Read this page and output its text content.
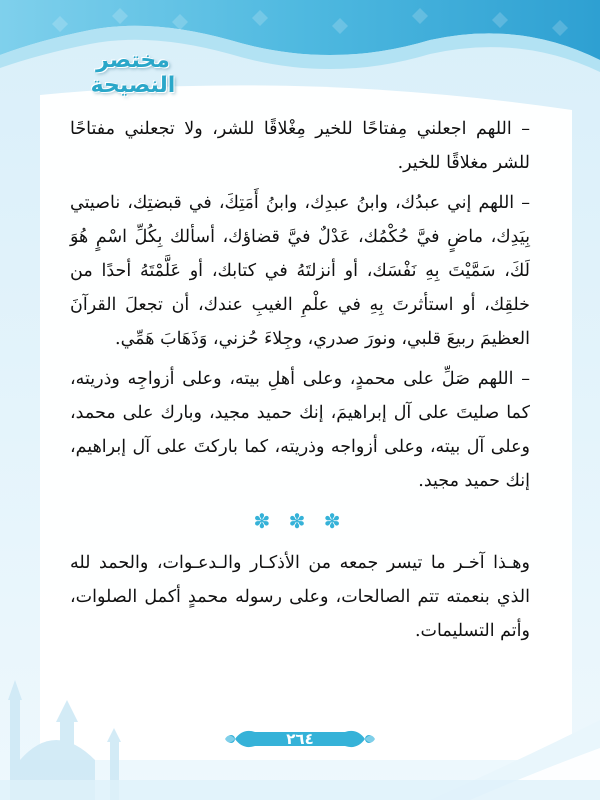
مختصر النصيحة

– اللهم اجعلني مِفتاحًا للخير مِغْلاقًا للشر، ولا تجعلني مفتاحًا للشر مغلاقًا للخير.

– اللهم إني عبدُك، وابنُ عبدِك، وابنُ أَمَتِكَ، في قبضتِك، ناصيتي بِيَدِك، ماضٍ فيَّ حُكْمُك، عَدْلٌ فيَّ قضاؤك، أسألك بِكُلِّ اسْمٍ هُوَ لَكَ، سَمَّيْتَ بِهِ نَفْسَك، أو أنزلتَهُ في كتابك، أو عَلَّمْتَهُ أحدًا من خلقِك، أو استأثرتَ بِهِ في علْمِ الغيبِ عندك، أن تجعلَ القرآنَ العظيمَ ربيعَ قلبي، ونورَ صدري، وجِلاءَ حُزني، وَذَهَابَ هَمِّي.

– اللهم صَلِّ على محمدٍ، وعلى أهلِ بيته، وعلى أزواجِه وذريته، كما صليتَ على آل إبراهيمَ، إنك حميد مجيد، وبارك على محمد، وعلى آل بيته، وعلى أزواجه وذريته، كما باركتَ على آل إبراهيم، إنك حميد مجيد.

✽ ✽ ✽

وهـذا آخـر ما تيسر جمعه من الأذكـار والـدعـوات، والحمد لله الذي بنعمته تتم الصالحات، وعلى رسوله محمدٍ أكمل الصلوات، وأتم التسليمات.

٢٦٤
